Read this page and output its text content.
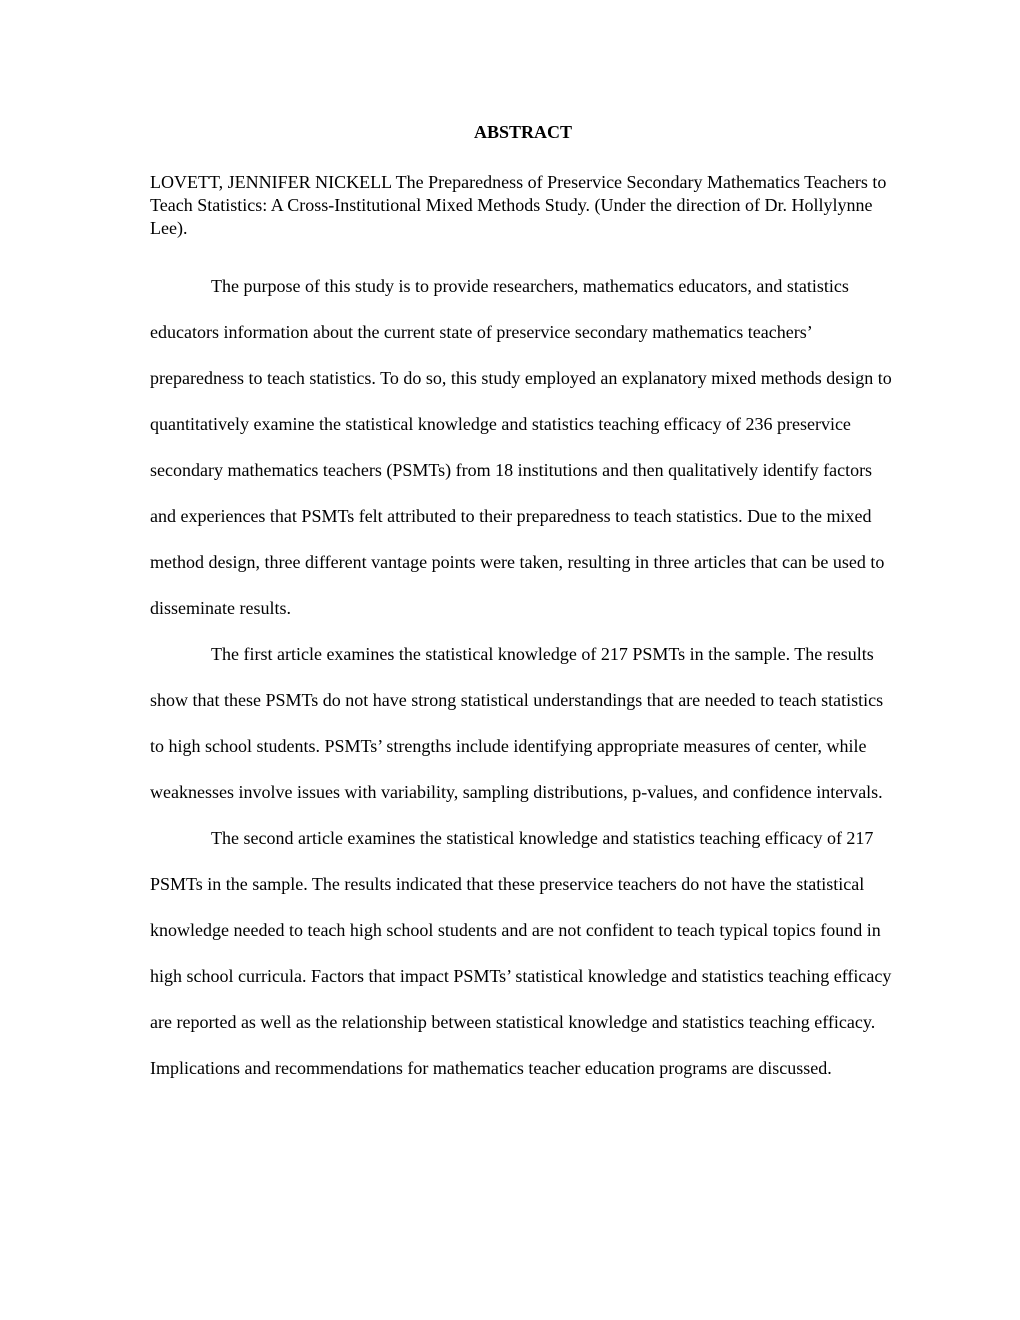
ABSTRACT

LOVETT, JENNIFER NICKELL The Preparedness of Preservice Secondary Mathematics Teachers to Teach Statistics: A Cross-Institutional Mixed Methods Study. (Under the direction of Dr. Hollylynne Lee).

The purpose of this study is to provide researchers, mathematics educators, and statistics educators information about the current state of preservice secondary mathematics teachers’ preparedness to teach statistics. To do so, this study employed an explanatory mixed methods design to quantitatively examine the statistical knowledge and statistics teaching efficacy of 236 preservice secondary mathematics teachers (PSMTs) from 18 institutions and then qualitatively identify factors and experiences that PSMTs felt attributed to their preparedness to teach statistics. Due to the mixed method design, three different vantage points were taken, resulting in three articles that can be used to disseminate results.

The first article examines the statistical knowledge of 217 PSMTs in the sample. The results show that these PSMTs do not have strong statistical understandings that are needed to teach statistics to high school students. PSMTs’ strengths include identifying appropriate measures of center, while weaknesses involve issues with variability, sampling distributions, p-values, and confidence intervals.

The second article examines the statistical knowledge and statistics teaching efficacy of 217 PSMTs in the sample. The results indicated that these preservice teachers do not have the statistical knowledge needed to teach high school students and are not confident to teach typical topics found in high school curricula. Factors that impact PSMTs’ statistical knowledge and statistics teaching efficacy are reported as well as the relationship between statistical knowledge and statistics teaching efficacy. Implications and recommendations for mathematics teacher education programs are discussed.
